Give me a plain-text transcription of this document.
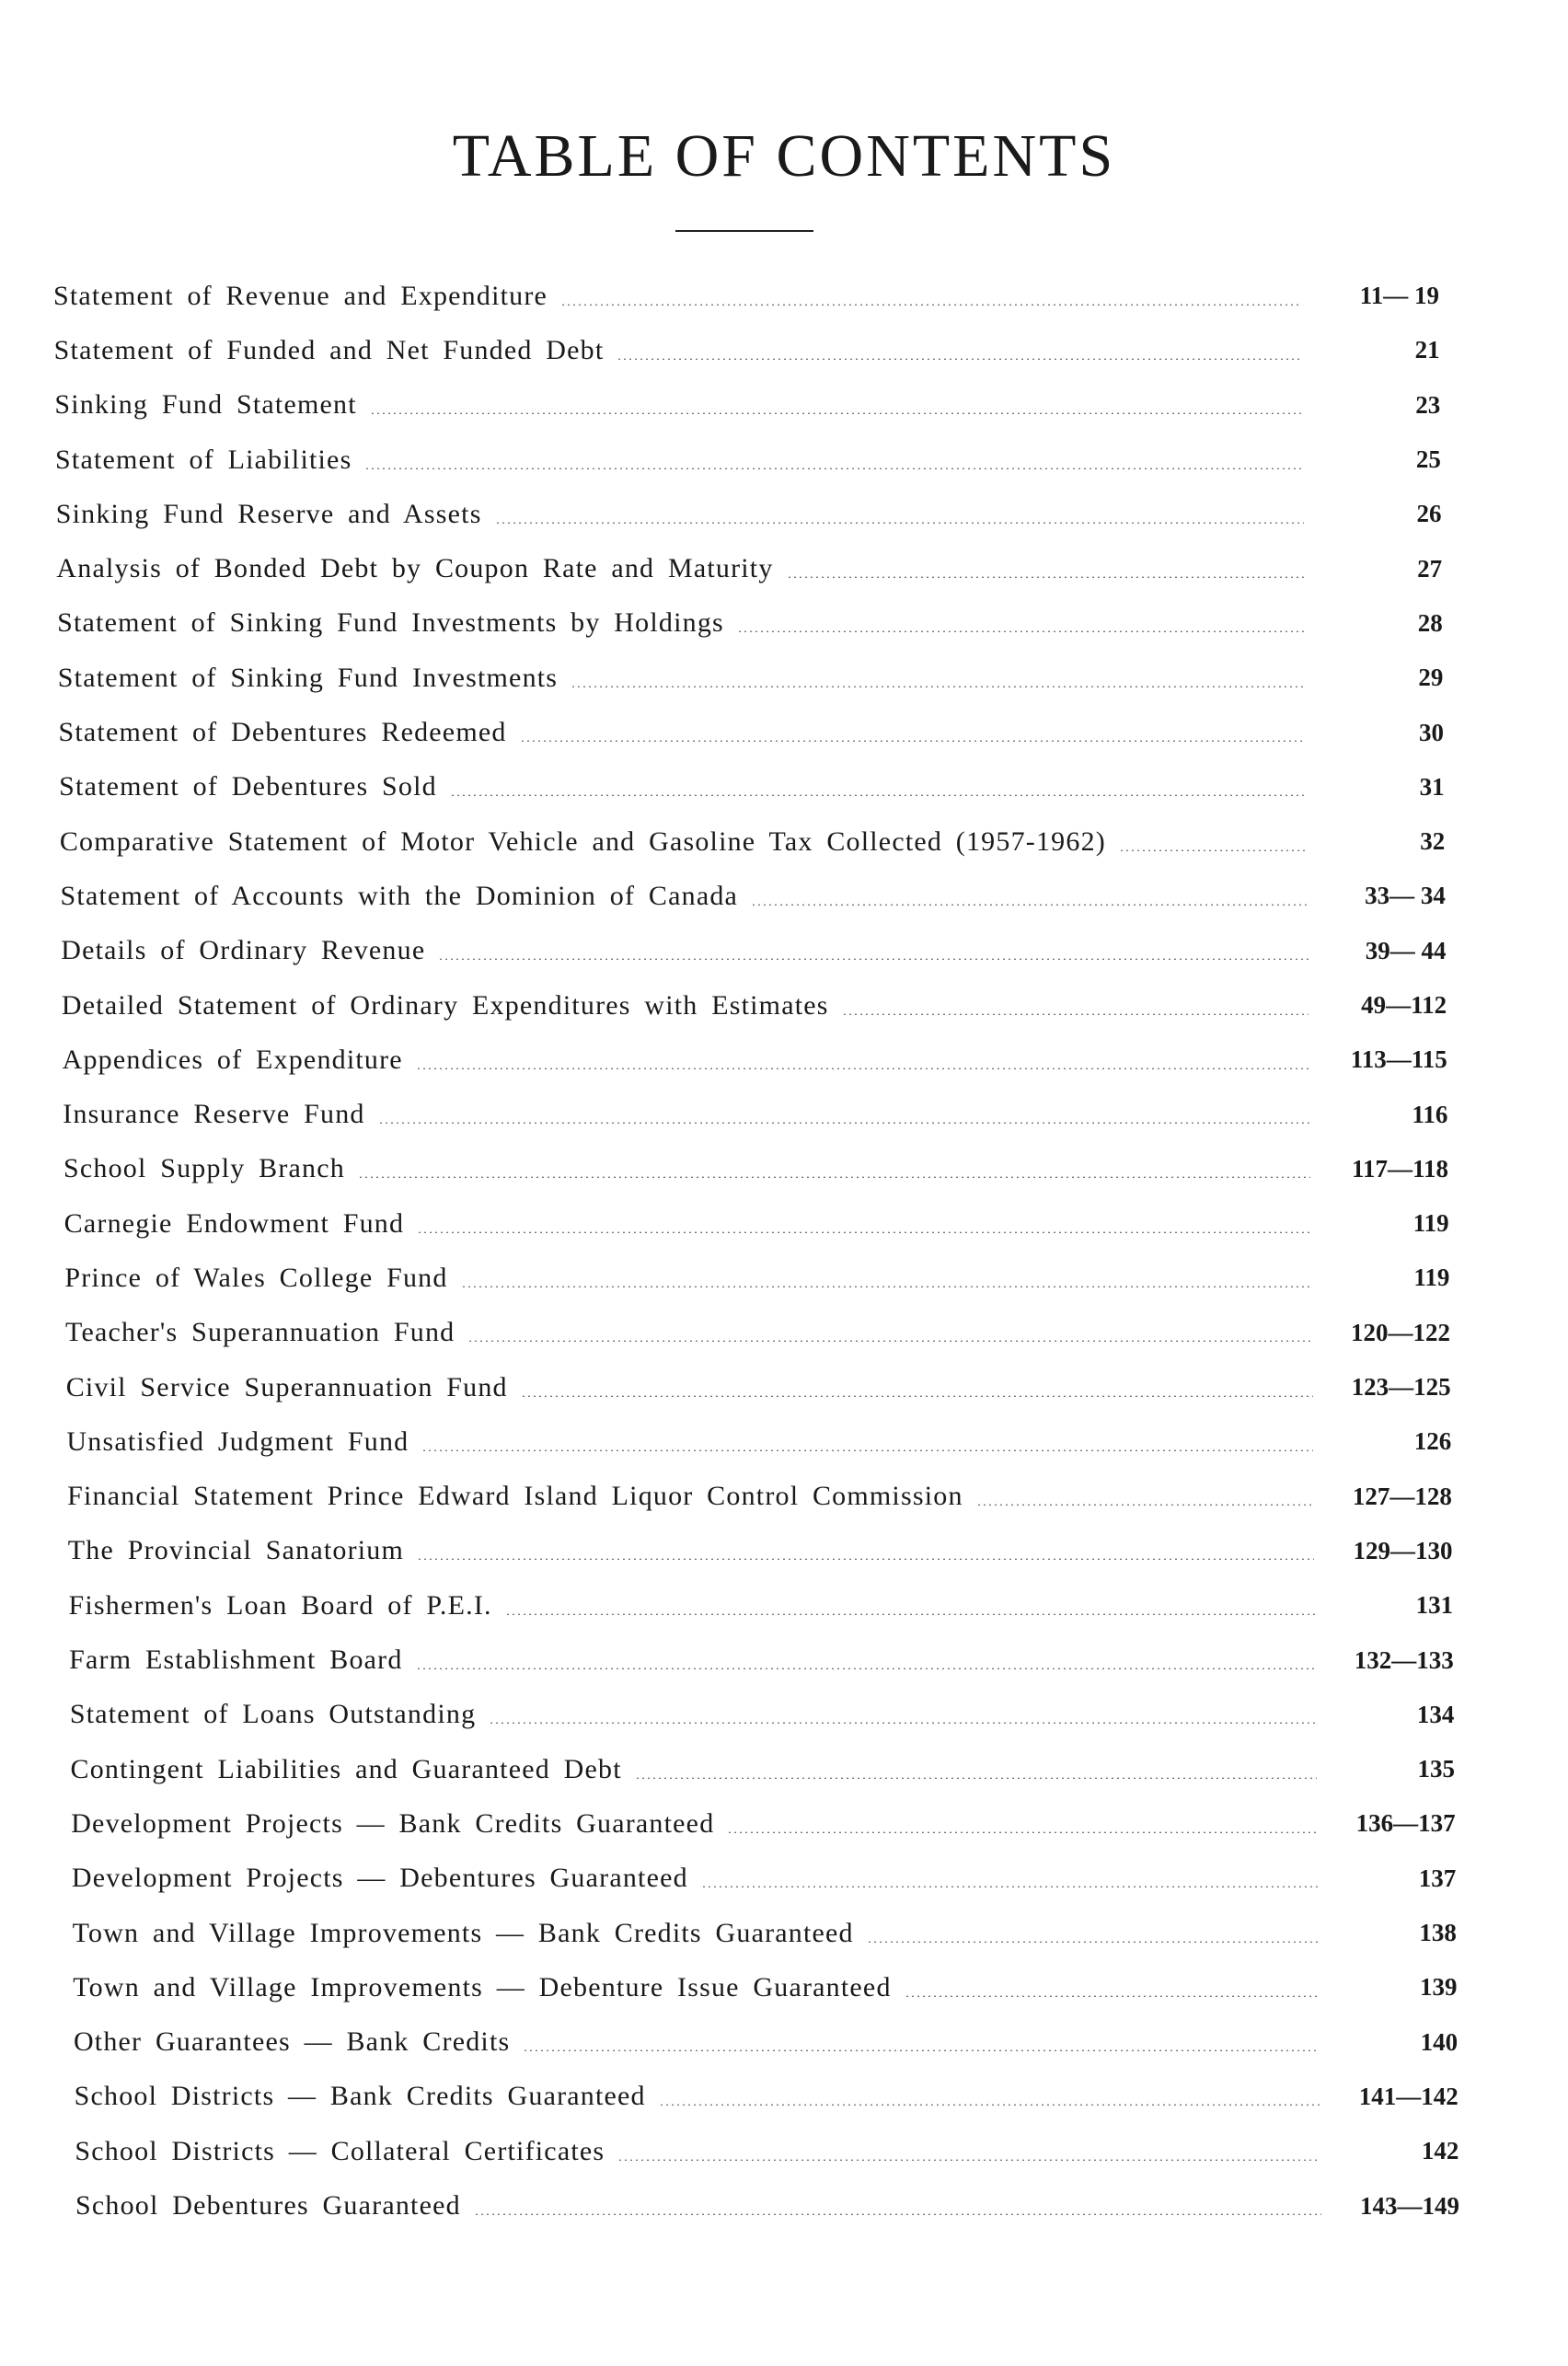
TABLE OF CONTENTS
Statement of Revenue and Expenditure	11— 19
Statement of Funded and Net Funded Debt	21
Sinking Fund Statement	23
Statement of Liabilities	25
Sinking Fund Reserve and Assets	26
Analysis of Bonded Debt by Coupon Rate and Maturity	27
Statement of Sinking Fund Investments by Holdings	28
Statement of Sinking Fund Investments	29
Statement of Debentures Redeemed	30
Statement of Debentures Sold	31
Comparative Statement of Motor Vehicle and Gasoline Tax Collected (1957-1962)	32
Statement of Accounts with the Dominion of Canada	33— 34
Details of Ordinary Revenue	39— 44
Detailed Statement of Ordinary Expenditures with Estimates	49—112
Appendices of Expenditure	113—115
Insurance Reserve Fund	116
School Supply Branch	117—118
Carnegie Endowment Fund	119
Prince of Wales College Fund	119
Teacher's Superannuation Fund	120—122
Civil Service Superannuation Fund	123—125
Unsatisfied Judgment Fund	126
Financial Statement Prince Edward Island Liquor Control Commission	127—128
The Provincial Sanatorium	129—130
Fishermen's Loan Board of P.E.I.	131
Farm Establishment Board	132—133
Statement of Loans Outstanding	134
Contingent Liabilities and Guaranteed Debt	135
Development Projects — Bank Credits Guaranteed	136—137
Development Projects — Debentures Guaranteed	137
Town and Village Improvements — Bank Credits Guaranteed	138
Town and Village Improvements — Debenture Issue Guaranteed	139
Other Guarantees — Bank Credits	140
School Districts — Bank Credits Guaranteed	141—142
School Districts — Collateral Certificates	142
School Debentures Guaranteed	143—149
